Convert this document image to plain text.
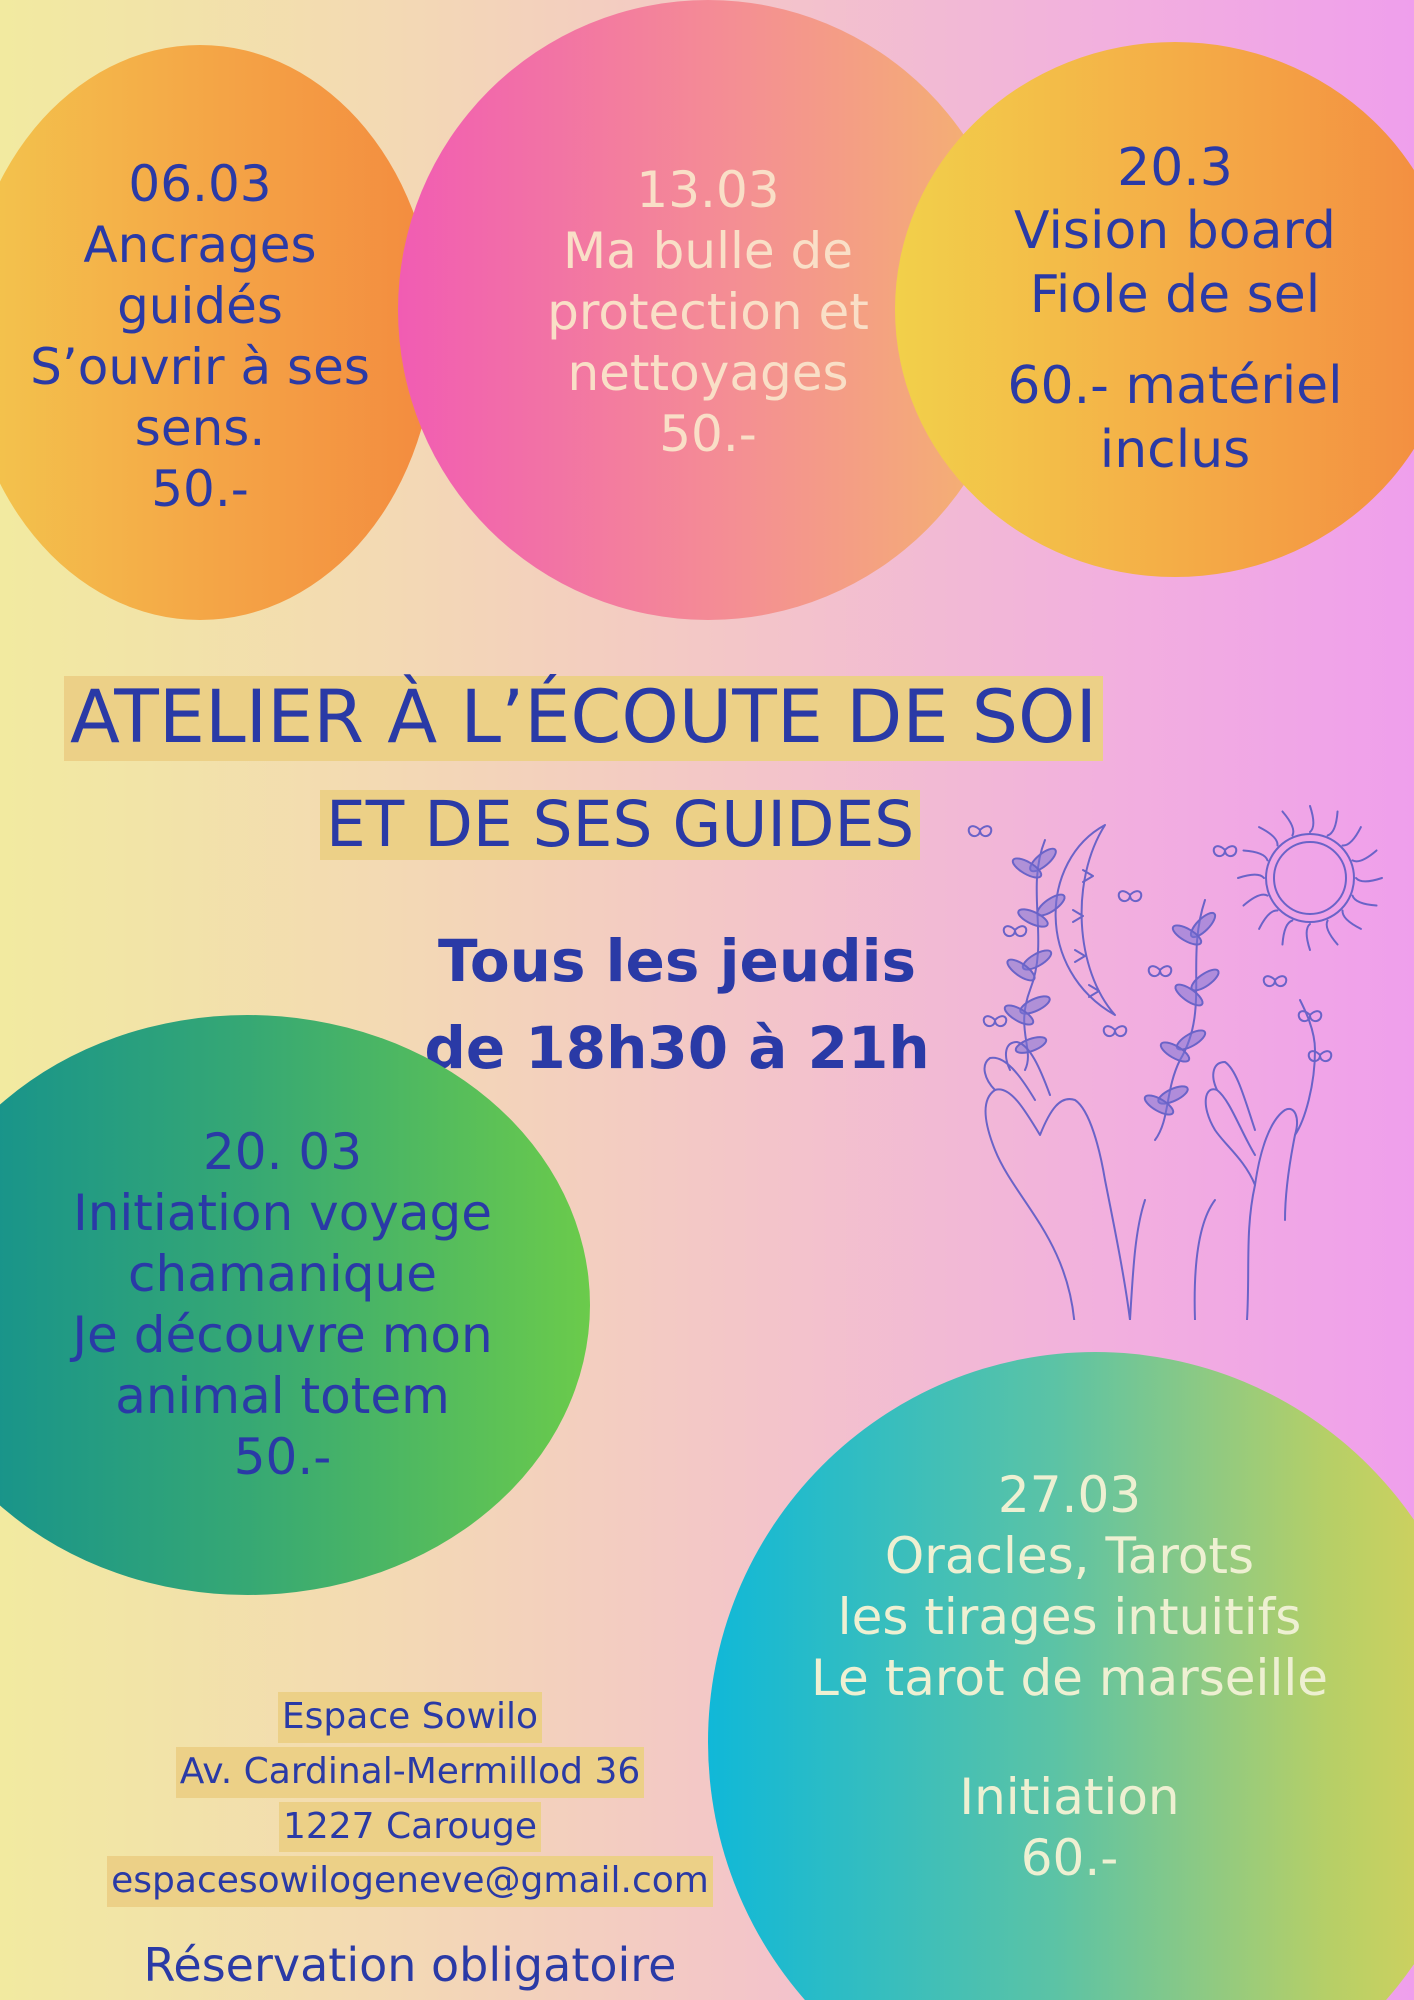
06.03
Ancrages
guidés
S’ouvrir à ses
sens.
50.-
13.03
Ma bulle de
protection et
nettoyages
50.-
20.3
Vision board
Fiole de sel
60.- matériel
inclus
ATELIER À L’ÉCOUTE DE SOI
ET DE SES GUIDES
Tous les jeudis
de 18h30 à 21h
20. 03
Initiation voyage
chamanique
Je découvre mon
animal totem
50.-
27.03
Oracles, Tarots
les tirages intuitifs
Le tarot de marseille
Initiation
60.-
Espace Sowilo
Av. Cardinal-Mermillod 36
1227 Carouge
espacesowilogeneve@gmail.com
Réservation obligatoire
